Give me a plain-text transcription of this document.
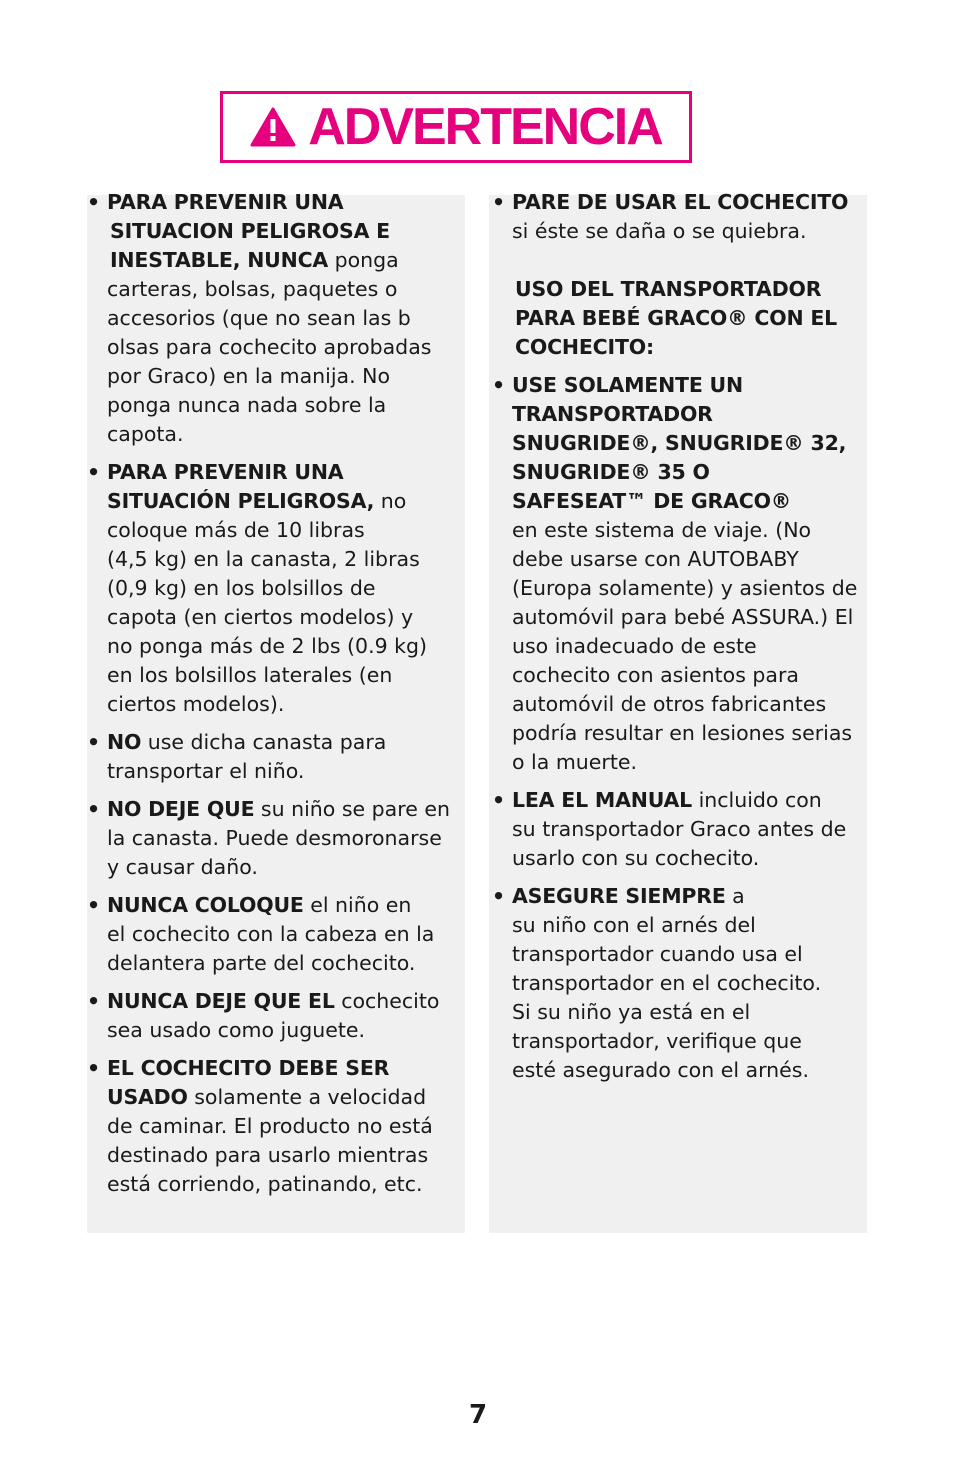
ADVERTENCIA
• PARA PREVENIR UNA

SITUACION PELIGROSA E
INESTABLE, NUNCA ponga
carteras, bolsas, paquetes o
accesorios (que no sean las b
olsas para cochecito aprobadas
por Graco) en la manija. No
ponga nunca nada sobre la
capota.
• PARA PREVENIR UNA
SITUACIÓN PELIGROSA, no
coloque más de 10 libras
(4,5 kg) en la canasta, 2 libras
(0,9 kg) en los bolsillos de
capota (en ciertos modelos) y
no ponga más de 2 lbs (0.9 kg)
en los bolsillos laterales (en
ciertos modelos).
• NO use dicha canasta para
transportar el niño.
• NO DEJE QUE su niño se pare en
la canasta. Puede desmoronarse
y causar daño.
• NUNCA COLOQUE el niño en
el cochecito con la cabeza en la
delantera parte del cochecito.
• NUNCA DEJE QUE EL cochecito
sea usado como juguete.
• EL COCHECITO DEBE SER
USADO solamente a velocidad
de caminar. El producto no está
destinado para usarlo mientras
está corriendo, patinando, etc.
• PARE DE USAR EL COCHECITO
si éste se daña o se quiebra.
USO DEL TRANSPORTADOR
PARA BEBÉ GRACO® CON EL
COCHECITO:
• USE SOLAMENTE UN
TRANSPORTADOR
SNUGRIDE®, SNUGRIDE® 32,
SNUGRIDE® 35 O
SAFESEAT™ DE GRACO®
en este sistema de viaje. (No
debe usarse con AUTOBABY
(Europa solamente) y asientos de
automóvil para bebé ASSURA.) El
uso inadecuado de este
cochecito con asientos para
automóvil de otros fabricantes
podría resultar en lesiones serias
o la muerte.
• LEA EL MANUAL incluido con
su transportador Graco antes de
usarlo con su cochecito.
• ASEGURE SIEMPRE a
su niño con el arnés del
transportador cuando usa el
transportador en el cochecito.
Si su niño ya está en el
transportador, verifique que
esté asegurado con el arnés.
7
